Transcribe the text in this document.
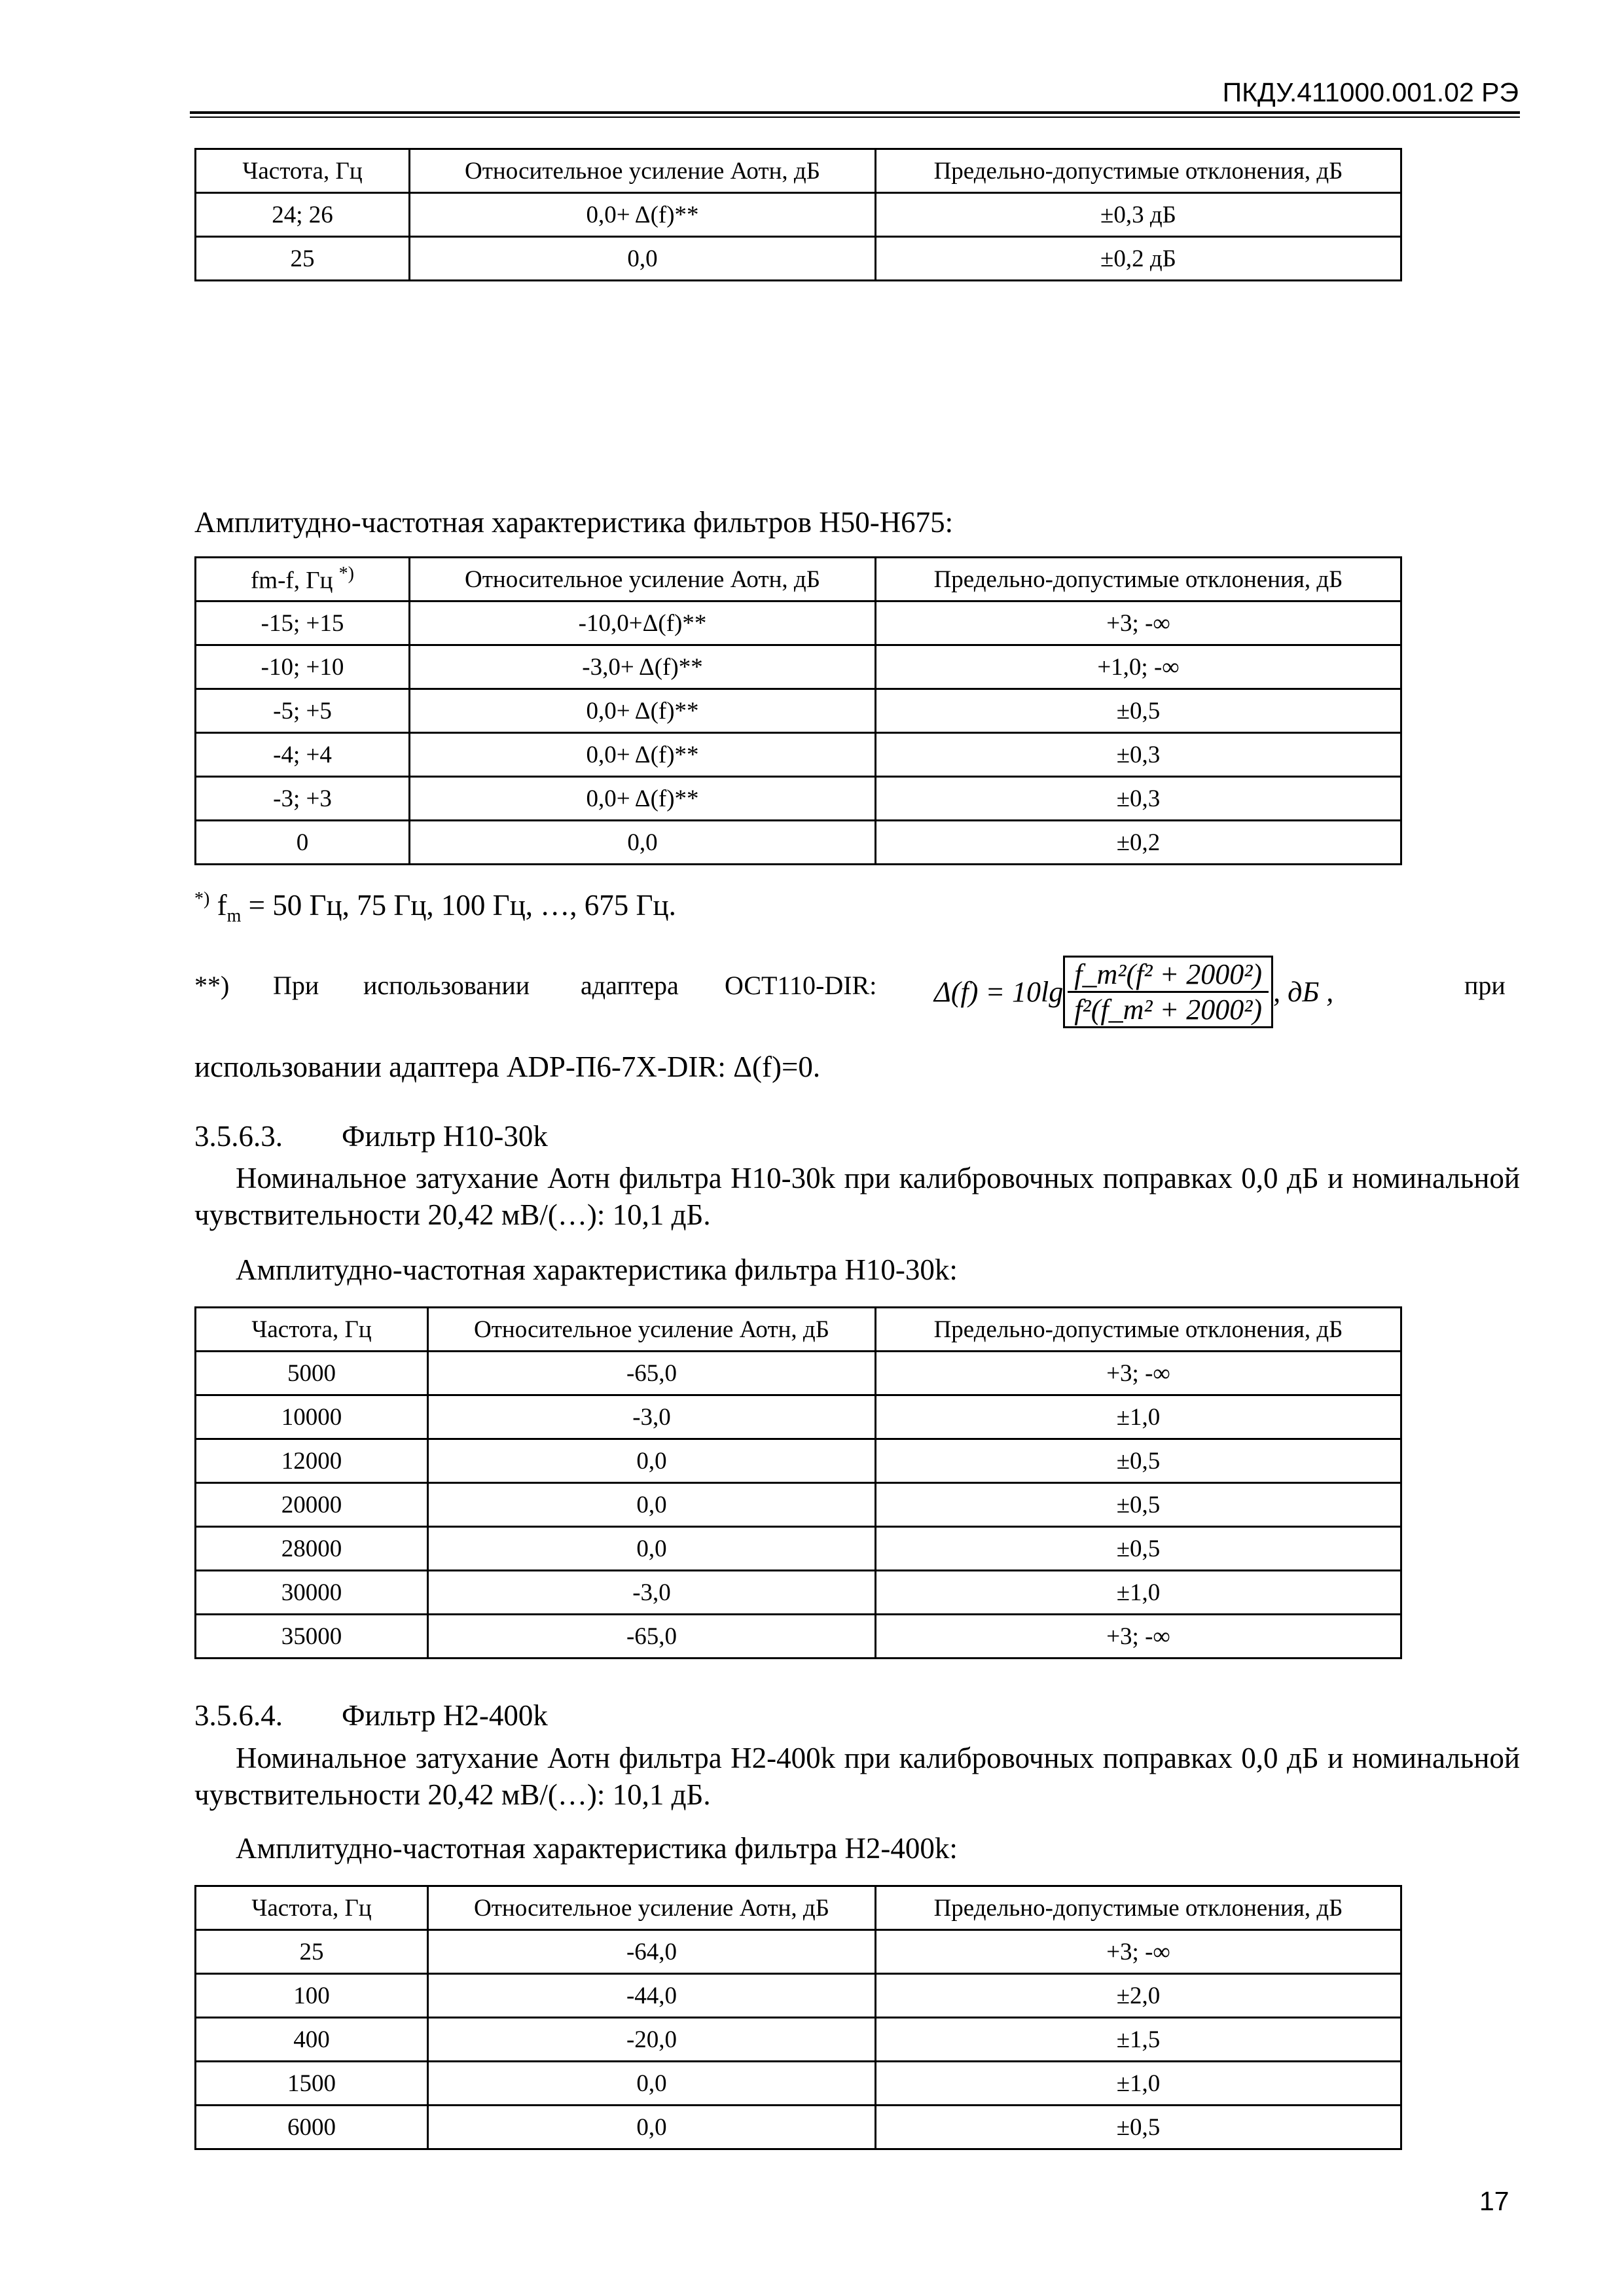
ПКДУ.411000.001.02 РЭ
Частота, Гц	Относительное усиление Аотн, дБ	Предельно-допустимые отклонения, дБ
24; 26	0,0+ Δ(f)**	±0,3 дБ
25	0,0	±0,2 дБ
Амплитудно-частотная характеристика фильтров Н50-Н675:
fm-f, Гц *)	Относительное усиление Аотн, дБ	Предельно-допустимые отклонения, дБ
-15; +15	-10,0+Δ(f)**	+3; -∞
-10; +10	-3,0+ Δ(f)**	+1,0; -∞
-5; +5	0,0+ Δ(f)**	±0,5
-4; +4	0,0+ Δ(f)**	±0,3
-3; +3	0,0+ Δ(f)**	±0,3
0	0,0	±0,2
*) $f_m = 50$ Гц, 75 Гц, 100 Гц, …, 675 Гц.
**) При использовании адаптера ОСТ110-DIR: $\Delta(f) = 10\lg \frac{\text{f\_m²(f² + 2000²)}}{\text{f²(f\_m² + 2000²)}}$ , дБ ,	при
использовании адаптера ADP-П6-7X-DIR: Δ(f)=0.
3.5.6.3. Фильтр Н10-30k
Номинальное затухание Аотн фильтра Н10-30k при калибровочных поправках 0,0 дБ и номинальной чувствительности 20,42 мВ/(…): 10,1 дБ.
Амплитудно-частотная характеристика фильтра Н10-30k:
Частота, Гц	Относительное усиление Аотн, дБ	Предельно-допустимые отклонения, дБ
5000	-65,0	+3; -∞
10000	-3,0	±1,0
12000	0,0	±0,5
20000	0,0	±0,5
28000	0,0	±0,5
30000	-3,0	±1,0
35000	-65,0	+3; -∞
3.5.6.4. Фильтр Н2-400k
Номинальное затухание Аотн фильтра Н2-400k при калибровочных поправках 0,0 дБ и номинальной чувствительности 20,42 мВ/(…): 10,1 дБ.
Амплитудно-частотная характеристика фильтра Н2-400k:
Частота, Гц	Относительное усиление Аотн, дБ	Предельно-допустимые отклонения, дБ
25	-64,0	+3; -∞
100	-44,0	±2,0
400	-20,0	±1,5
1500	0,0	±1,0
6000	0,0	±0,5
17
